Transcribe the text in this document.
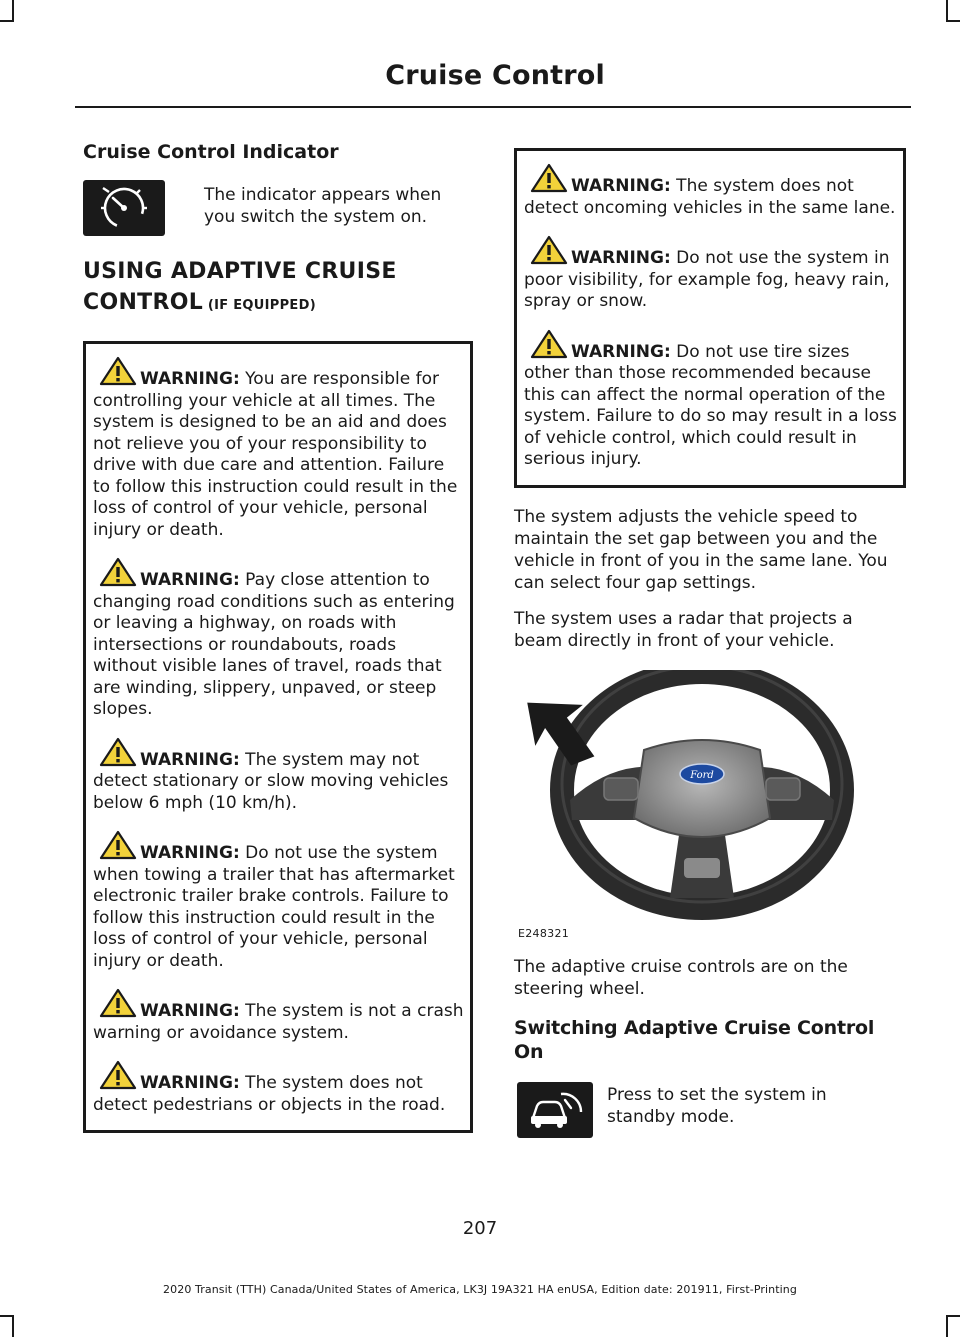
Cruise Control
Cruise Control Indicator
The indicator appears when you switch the system on.
USING ADAPTIVE CRUISE CONTROL (IF EQUIPPED)

WARNING: You are responsible for controlling your vehicle at all times. The system is designed to be an aid and does not relieve you of your responsibility to drive with due care and attention. Failure to follow this instruction could result in the loss of control of your vehicle, personal injury or death.

WARNING: Pay close attention to changing road conditions such as entering or leaving a highway, on roads with intersections or roundabouts, roads without visible lanes of travel, roads that are winding, slippery, unpaved, or steep slopes.

WARNING: The system may not detect stationary or slow moving vehicles below 6 mph (10 km/h).

WARNING: Do not use the system when towing a trailer that has aftermarket electronic trailer brake controls. Failure to follow this instruction could result in the loss of control of your vehicle, personal injury or death.

WARNING: The system is not a crash warning or avoidance system.

WARNING: The system does not detect pedestrians or objects in the road.

WARNING: The system does not detect oncoming vehicles in the same lane.

WARNING: Do not use the system in poor visibility, for example fog, heavy rain, spray or snow.

WARNING: Do not use tire sizes other than those recommended because this can affect the normal operation of the system. Failure to do so may result in a loss of vehicle control, which could result in serious injury.

The system adjusts the vehicle speed to maintain the set gap between you and the vehicle in front of you in the same lane. You can select four gap settings.

The system uses a radar that projects a beam directly in front of your vehicle.

Ford
E248321

The adaptive cruise controls are on the steering wheel.

Switching Adaptive Cruise Control On
Press to set the system in standby mode.
207
2020 Transit (TTH) Canada/United States of America, LK3J 19A321 HA enUSA, Edition date: 201911, First-Printing
